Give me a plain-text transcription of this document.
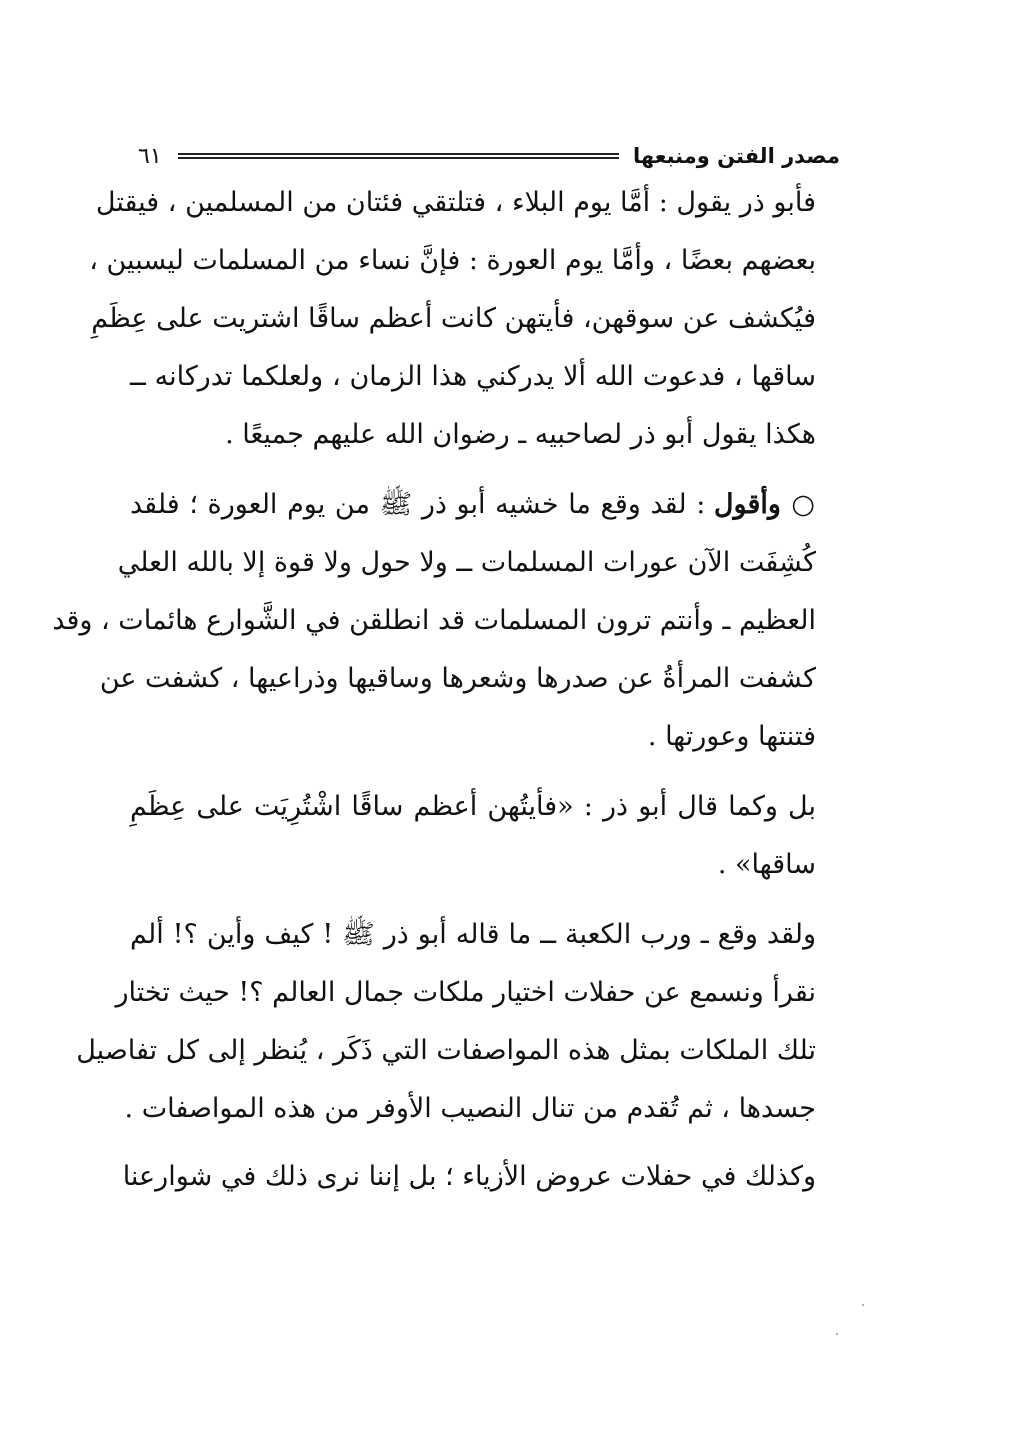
مصدر الفتن ومنبعها
٦١

فأبو ذر يقول : أمَّا يوم البلاء ، فتلتقي فئتان من المسلمين ، فيقتل
بعضهم بعضًا ، وأمَّا يوم العورة : فإنَّ نساء من المسلمات ليسبين ،
فيُكشف عن سوقهن، فأيتهن كانت أعظم ساقًا اشتريت على عِظَمِ
ساقها ، فدعوت الله ألا يدركني هذا الزمان ، ولعلكما تدركانه ــ
هكذا يقول أبو ذر لصاحبيه ـ رضوان الله عليهم جميعًا .

○ وأقول : لقد وقع ما خشيه أبو ذر ﷺ من يوم العورة ؛ فلقد
كُشِفَت الآن عورات المسلمات ــ ولا حول ولا قوة إلا بالله العلي
العظيم ـ وأنتم ترون المسلمات قد انطلقن في الشَّوارع هائمات ، وقد
كشفت المرأةُ عن صدرها وشعرها وساقيها وذراعيها ، كشفت عن
فتنتها وعورتها .

بل وكما قال أبو ذر : «فأيتُهن أعظم ساقًا اشْتُرِيَت على عِظَمِ
ساقها» .

ولقد وقع ـ ورب الكعبة ــ ما قاله أبو ذر ﷺ ! كيف وأين ؟! ألم
نقرأ ونسمع عن حفلات اختيار ملكات جمال العالم ؟! حيث تختار
تلك الملكات بمثل هذه المواصفات التي ذَكَر ، يُنظر إلى كل تفاصيل
جسدها ، ثم تُقدم من تنال النصيب الأوفر من هذه المواصفات .

وكذلك في حفلات عروض الأزياء ؛ بل إننا نرى ذلك في شوارعنا
